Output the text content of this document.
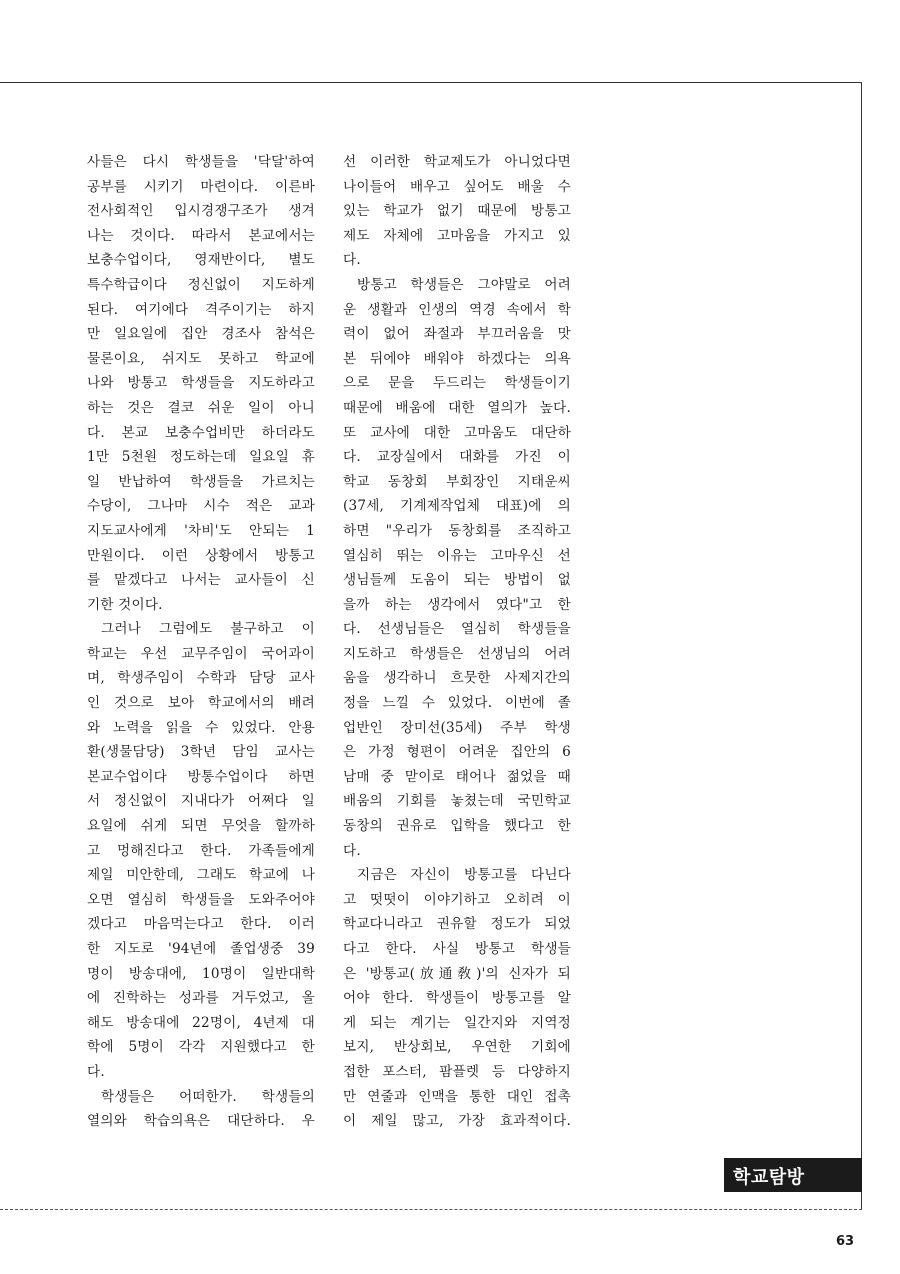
사들은 다시 학생들을 '닥달'하여
공부를 시키기 마련이다. 이른바
전사회적인 입시경쟁구조가 생겨
나는 것이다. 따라서 본교에서는
보충수업이다, 영재반이다, 별도
특수학급이다 정신없이 지도하게
된다. 여기에다 격주이기는 하지
만 일요일에 집안 경조사 참석은
물론이요, 쉬지도 못하고 학교에
나와 방통고 학생들을 지도하라고
하는 것은 결코 쉬운 일이 아니
다. 본교 보충수업비만 하더라도
1만 5천원 정도하는데 일요일 휴
일 반납하여 학생들을 가르치는
수당이, 그나마 시수 적은 교과
지도교사에게 '차비'도 안되는 1
만원이다. 이런 상황에서 방통고
를 맡겠다고 나서는 교사들이 신
기한 것이다.
그러나 그럼에도 불구하고 이
학교는 우선 교무주임이 국어과이
며, 학생주임이 수학과 담당 교사
인 것으로 보아 학교에서의 배려
와 노력을 읽을 수 있었다. 안용
환(생물담당) 3학년 담임 교사는
본교수업이다 방통수업이다 하면
서 정신없이 지내다가 어쩌다 일
요일에 쉬게 되면 무엇을 할까하
고 멍해진다고 한다. 가족들에게
제일 미안한데, 그래도 학교에 나
오면 열심히 학생들을 도와주어야
겠다고 마음먹는다고 한다. 이러
한 지도로 '94년에 졸업생중 39
명이 방송대에, 10명이 일반대학
에 진학하는 성과를 거두었고, 올
해도 방송대에 22명이, 4년제 대
학에 5명이 각각 지원했다고 한
다.
학생들은 어떠한가. 학생들의
열의와 학습의욕은 대단하다. 우
선 이러한 학교제도가 아니었다면
나이들어 배우고 싶어도 배울 수
있는 학교가 없기 때문에 방통고
제도 자체에 고마움을 가지고 있
다.
방통고 학생들은 그야말로 어려
운 생활과 인생의 역경 속에서 학
력이 없어 좌절과 부끄러움을 맛
본 뒤에야 배워야 하겠다는 의욕
으로 문을 두드리는 학생들이기
때문에 배움에 대한 열의가 높다.
또 교사에 대한 고마움도 대단하
다. 교장실에서 대화를 가진 이
학교 동창회 부회장인 지태운씨
(37세, 기계제작업체 대표)에 의
하면 "우리가 동창회를 조직하고
열심히 뛰는 이유는 고마우신 선
생님들께 도움이 되는 방법이 없
을까 하는 생각에서 였다"고 한
다. 선생님들은 열심히 학생들을
지도하고 학생들은 선생님의 어려
움을 생각하니 흐뭇한 사제지간의
정을 느낄 수 있었다. 이번에 졸
업반인 장미선(35세) 주부 학생
은 가정 형편이 어려운 집안의 6
남매 중 맏이로 태어나 젊었을 때
배움의 기회를 놓쳤는데 국민학교
동창의 권유로 입학을 했다고 한
다.
지금은 자신이 방통고를 다닌다
고 떳떳이 이야기하고 오히려 이
학교다니라고 권유할 정도가 되었
다고 한다. 사실 방통고 학생들
은 '방통교(放通敎)'의 신자가 되
어야 한다. 학생들이 방통고를 알
게 되는 계기는 일간지와 지역정
보지, 반상회보, 우연한 기회에
접한 포스터, 팜플렛 등 다양하지
만 연줄과 인맥을 통한 대인 접촉
이 제일 많고, 가장 효과적이다.
학교탐방
63
